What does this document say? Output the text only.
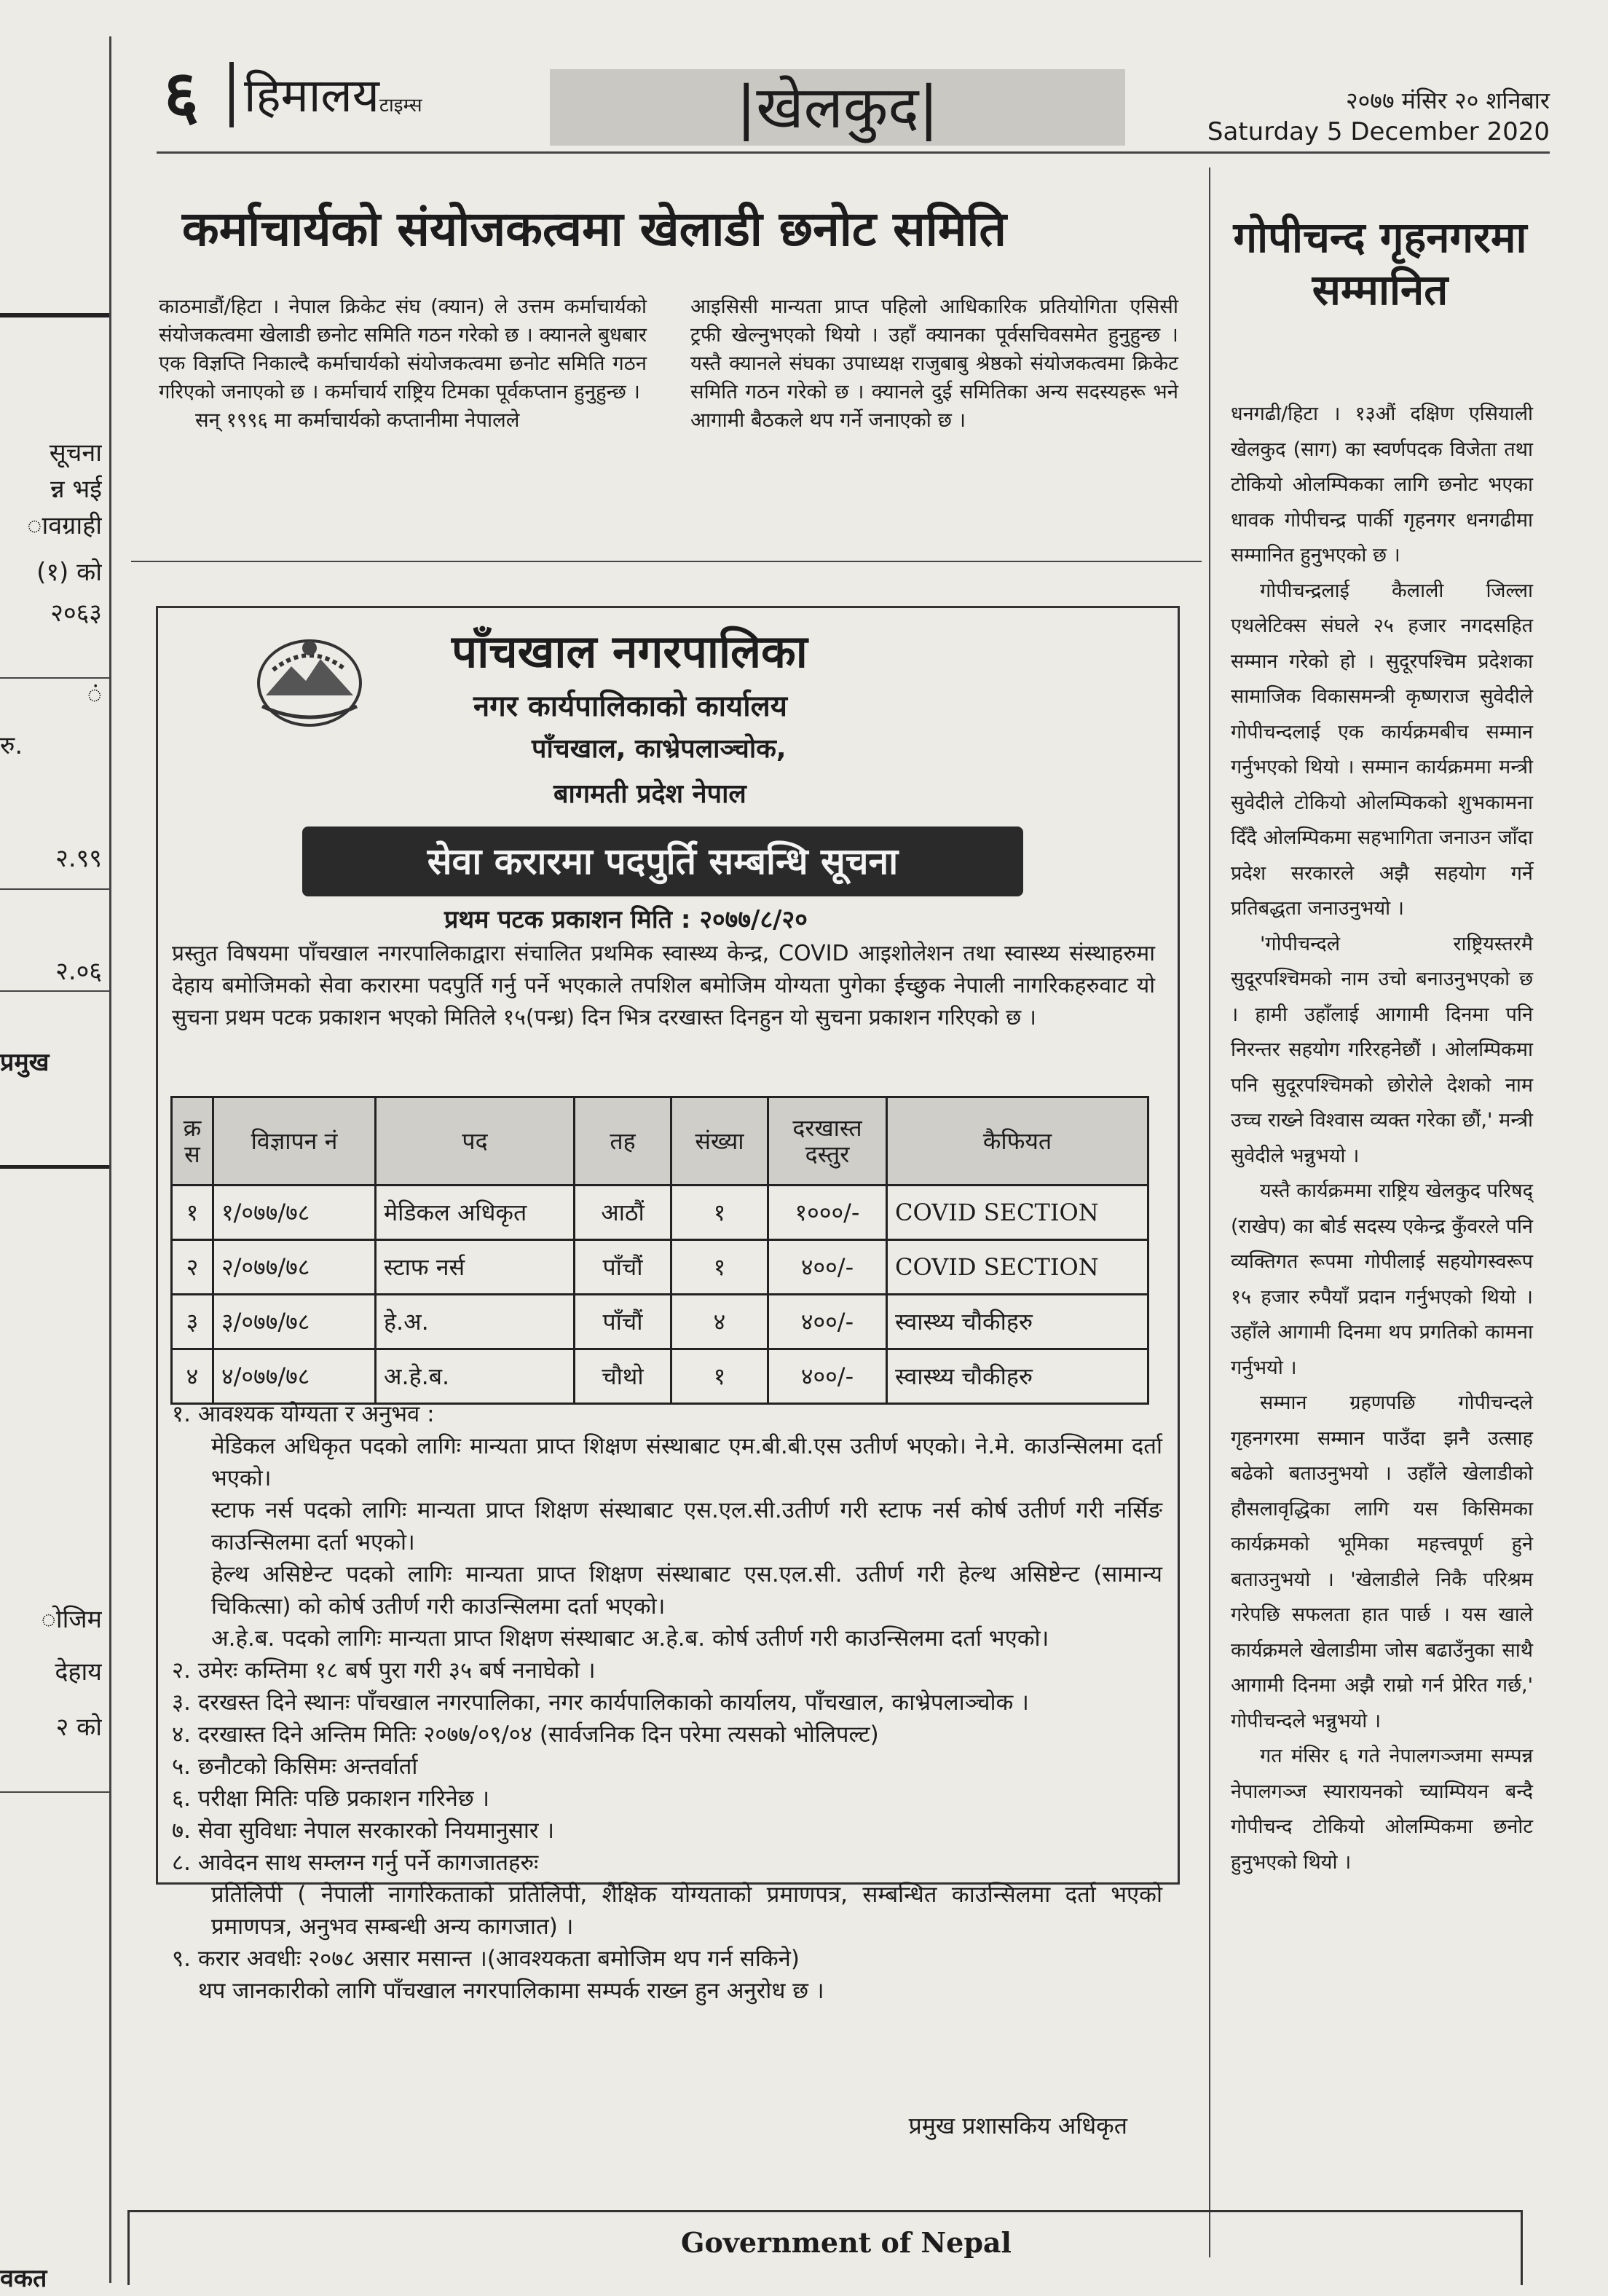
सूचना
न्न भई
ावग्राही
(१) को
२०६३
ं
रु.
२.९९
२.०६
प्रमुख
ोजिम
देहाय
२ को
वकत
६ हिमालयटाइम्स	|खेलकुद|	२०७७ मंसिर २० शनिबार
Saturday 5 December 2020
कर्माचार्यको संयोजकत्वमा खेलाडी छनोट समिति
काठमाडौं/हिटा । नेपाल क्रिकेट संघ (क्यान) ले उत्तम कर्माचार्यको संयोजकत्वमा खेलाडी छनोट समिति गठन गरेको छ । क्यानले बुधबार एक विज्ञप्ति निकाल्दै कर्माचार्यको संयोजकत्वमा छनोट समिति गठन गरिएको जनाएको छ । कर्माचार्य राष्ट्रिय टिमका पूर्वकप्तान हुनुहुन्छ ।
सन् १९९६ मा कर्माचार्यको कप्तानीमा नेपालले
आइसिसी मान्यता प्राप्त पहिलो आधिकारिक प्रतियोगिता एसिसी ट्रफी खेल्नुभएको थियो । उहाँ क्यानका पूर्वसचिवसमेत हुनुहुन्छ । यस्तै क्यानले संघका उपाध्यक्ष राजुबाबु श्रेष्ठको संयोजकत्वमा क्रिकेट समिति गठन गरेको छ । क्यानले दुई समितिका अन्य सदस्यहरू भने आगामी बैठकले थप गर्ने जनाएको छ ।
गोपीचन्द गृहनगरमा सम्मानित
धनगढी/हिटा । १३औं दक्षिण एसियाली खेलकुद (साग) का स्वर्णपदक विजेता तथा टोकियो ओलम्पिकका लागि छनोट भएका धावक गोपीचन्द्र पार्की गृहनगर धनगढीमा सम्मानित हुनुभएको छ ।
गोपीचन्द्रलाई कैलाली जिल्ला एथलेटिक्स संघले २५ हजार नगदसहित सम्मान गरेको हो । सुदूरपश्चिम प्रदेशका सामाजिक विकासमन्त्री कृष्णराज सुवेदीले गोपीचन्दलाई एक कार्यक्रमबीच सम्मान गर्नुभएको थियो । सम्मान कार्यक्रममा मन्त्री सुवेदीले टोकियो ओलम्पिकको शुभकामना दिँदै ओलम्पिकमा सहभागिता जनाउन जाँदा प्रदेश सरकारले अझै सहयोग गर्ने प्रतिबद्धता जनाउनुभयो ।
'गोपीचन्दले राष्ट्रियस्तरमै सुदूरपश्चिमको नाम उचो बनाउनुभएको छ । हामी उहाँलाई आगामी दिनमा पनि निरन्तर सहयोग गरिरहनेछौं । ओलम्पिकमा पनि सुदूरपश्चिमको छोरोले देशको नाम उच्च राख्ने विश्वास व्यक्त गरेका छौं,' मन्त्री सुवेदीले भन्नुभयो ।
यस्तै कार्यक्रममा राष्ट्रिय खेलकुद परिषद् (राखेप) का बोर्ड सदस्य एकेन्द्र कुँवरले पनि व्यक्तिगत रूपमा गोपीलाई सहयोगस्वरूप १५ हजार रुपैयाँ प्रदान गर्नुभएको थियो । उहाँले आगामी दिनमा थप प्रगतिको कामना गर्नुभयो ।
सम्मान ग्रहणपछि गोपीचन्दले गृहनगरमा सम्मान पाउँदा झनै उत्साह बढेको बताउनुभयो । उहाँले खेलाडीको हौसलावृद्धिका लागि यस किसिमका कार्यक्रमको भूमिका महत्त्वपूर्ण हुने बताउनुभयो । 'खेलाडीले निकै परिश्रम गरेपछि सफलता हात पार्छ । यस खाले कार्यक्रमले खेलाडीमा जोस बढाउँनुका साथै आगामी दिनमा अझै राम्रो गर्न प्रेरित गर्छ,' गोपीचन्दले भन्नुभयो ।
गत मंसिर ६ गते नेपालगञ्जमा सम्पन्न नेपालगञ्ज स्यारायनको च्याम्पियन बन्दै गोपीचन्द टोकियो ओलम्पिकमा छनोट हुनुभएको थियो ।
पाँचखाल नगरपालिका
नगर कार्यपालिकाको कार्यालय
पाँचखाल, काभ्रेपलाञ्चोक,
बागमती प्रदेश नेपाल
सेवा करारमा पदपुर्ति सम्बन्धि सूचना
प्रथम पटक प्रकाशन मिति : २०७७/८/२०
प्रस्तुत विषयमा पाँचखाल नगरपालिकाद्वारा संचालित प्रथमिक स्वास्थ्य केन्द्र, COVID आइशोलेशन तथा स्वास्थ्य संस्थाहरुमा देहाय बमोजिमको सेवा करारमा पदपुर्ति गर्नु पर्ने भएकाले तपशिल बमोजिम योग्यता पुगेका ईच्छुक नेपाली नागरिकहरुवाट यो सुचना प्रथम पटक प्रकाशन भएको मितिले १५(पन्ध्र) दिन भित्र दरखास्त दिनहुन यो सुचना प्रकाशन गरिएको छ ।
क्र स	विज्ञापन नं	पद	तह	संख्या	दरखास्त दस्तुर	कैफियत
१	१/०७७/७८	मेडिकल अधिकृत	आठौं	१	१०००/-	COVID SECTION
२	२/०७७/७८	स्टाफ नर्स	पाँचौं	१	४००/-	COVID SECTION
३	३/०७७/७८	हे.अ.	पाँचौं	४	४००/-	स्वास्थ्य चौकीहरु
४	४/०७७/७८	अ.हे.ब.	चौथो	१	४००/-	स्वास्थ्य चौकीहरु
१. आवश्यक योग्यता र अनुभव :
मेडिकल अधिकृत पदको लागिः मान्यता प्राप्त शिक्षण संस्थाबाट एम.बी.बी.एस उतीर्ण भएको। ने.मे. काउन्सिलमा दर्ता भएको।
स्टाफ नर्स पदको लागिः मान्यता प्राप्त शिक्षण संस्थाबाट एस.एल.सी.उतीर्ण गरी स्टाफ नर्स कोर्ष उतीर्ण गरी नर्सिङ काउन्सिलमा दर्ता भएको।
हेल्थ असिष्टेन्ट पदको लागिः मान्यता प्राप्त शिक्षण संस्थाबाट एस.एल.सी. उतीर्ण गरी हेल्थ असिष्टेन्ट (सामान्य चिकित्सा) को कोर्ष उतीर्ण गरी काउन्सिलमा दर्ता भएको।
अ.हे.ब. पदको लागिः मान्यता प्राप्त शिक्षण संस्थाबाट अ.हे.ब. कोर्ष उतीर्ण गरी काउन्सिलमा दर्ता भएको।
२. उमेरः कम्तिमा १८ बर्ष पुरा गरी ३५ बर्ष ननाघेको ।
३. दरखस्त दिने स्थानः पाँचखाल नगरपालिका, नगर कार्यपालिकाको कार्यालय, पाँचखाल, काभ्रेपलाञ्चोक ।
४. दरखास्त दिने अन्तिम मितिः २०७७/०९/०४ (सार्वजनिक दिन परेमा त्यसको भोलिपल्ट)
५. छनौटको किसिमः अन्तर्वार्ता
६. परीक्षा मितिः पछि प्रकाशन गरिनेछ ।
७. सेवा सुविधाः नेपाल सरकारको नियमानुसार ।
८. आवेदन साथ सम्लग्न गर्नु पर्ने कागजातहरुः
प्रतिलिपी ( नेपाली नागरिकताको प्रतिलिपी, शैक्षिक योग्यताको प्रमाणपत्र, सम्बन्धित काउन्सिलमा दर्ता भएको प्रमाणपत्र, अनुभव सम्बन्धी अन्य कागजात) ।
९. करार अवधीः २०७८ असार मसान्त ।(आवश्यकता बमोजिम थप गर्न सकिने)
थप जानकारीको लागि पाँचखाल नगरपालिकामा सम्पर्क राख्न हुन अनुरोध छ ।
प्रमुख प्रशासकिय अधिकृत
Government of Nepal
